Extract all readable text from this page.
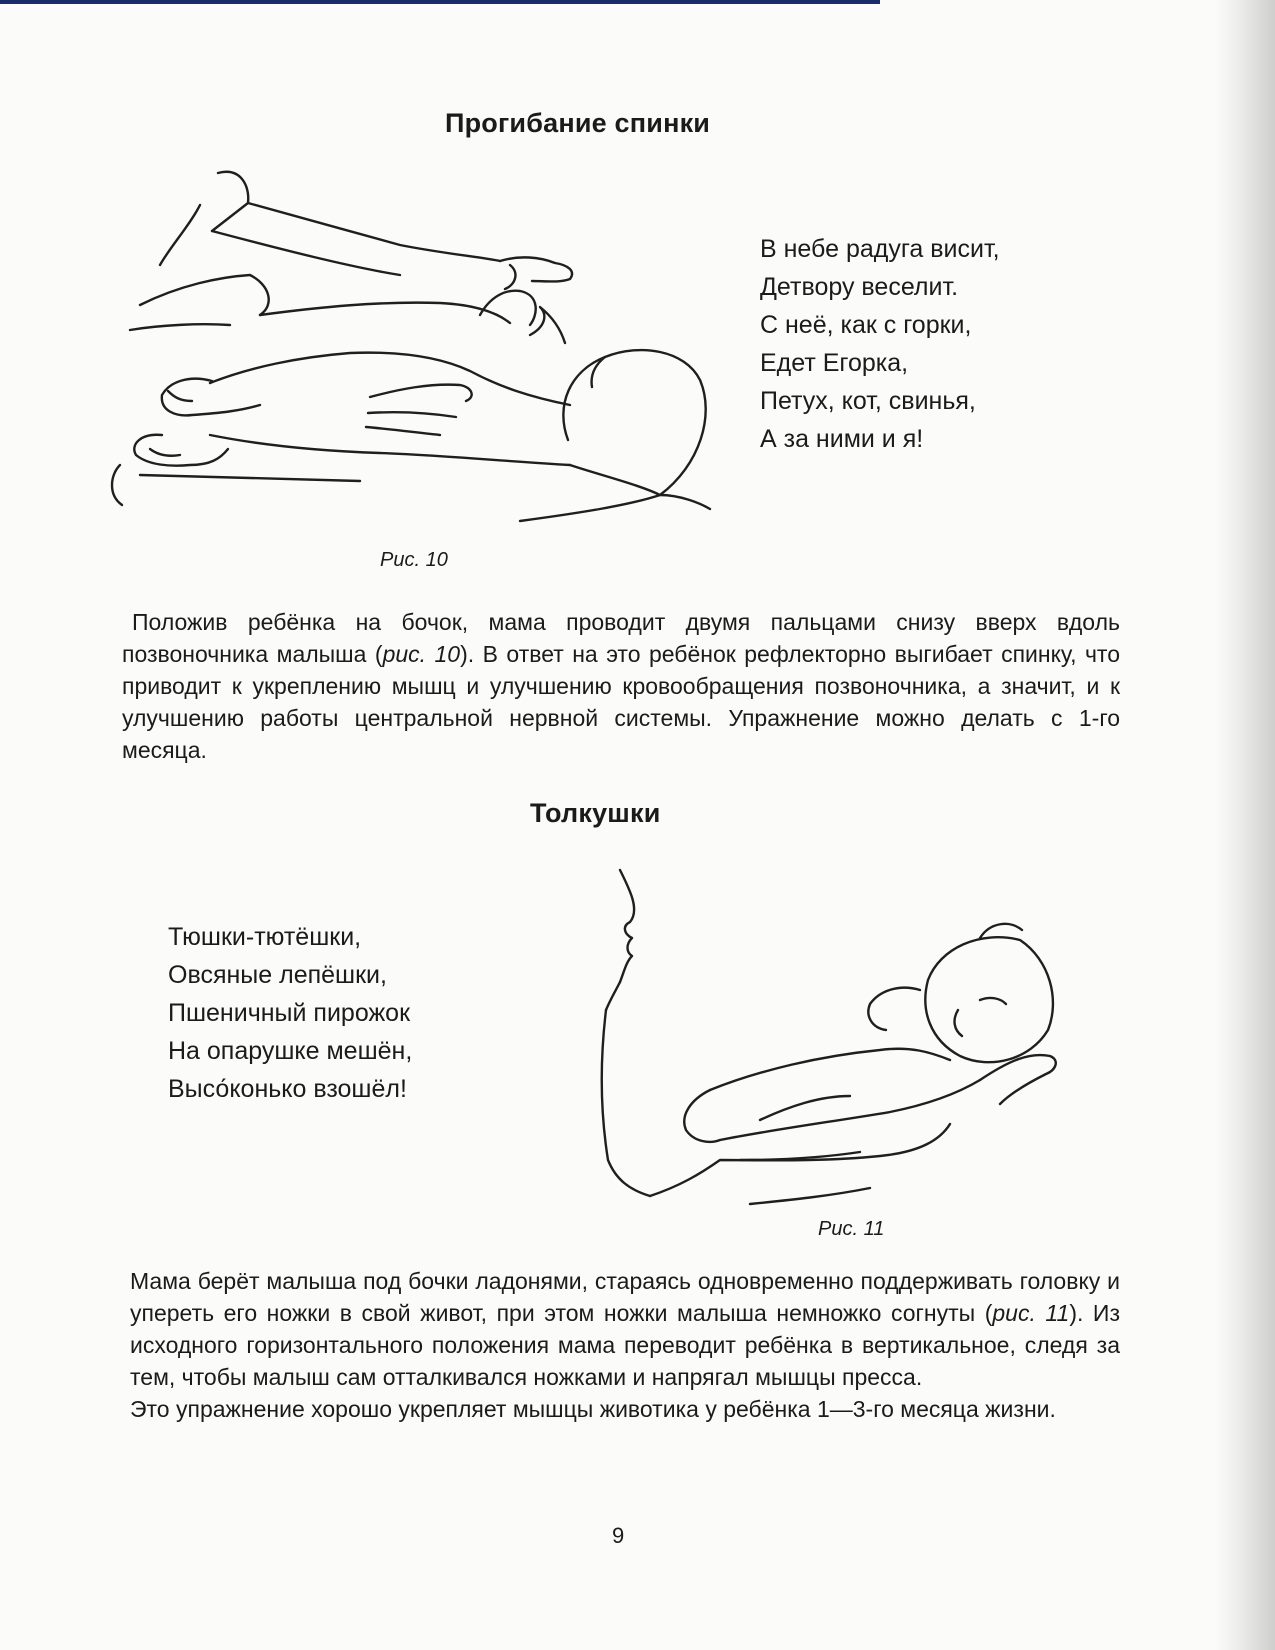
Прогибание спинки
В небе радуга висит,
Детвору веселит.
С неё, как с горки,
Едет Егорка,
Петух, кот, свинья,
А за ними и я!

Рис. 10

Положив ребёнка на бочок, мама проводит двумя пальцами снизу вверх вдоль позвоночника малыша (рис. 10). В ответ на это ребёнок рефлекторно выгибает спинку, что приводит к укреплению мышц и улучшению кровообращения позвоночника, а значит, и к улучшению работы центральной нервной системы. Упражнение можно делать с 1-го месяца.

Толкушки
Тюшки-тютёшки,
Овсяные лепёшки,
Пшеничный пирожок
На опарушке мешён,
Высо́конько взошёл!

Рис. 11

Мама берёт малыша под бочки ладонями, стараясь одновременно поддерживать головку и упереть его ножки в свой живот, при этом ножки малыша немножко согнуты (рис. 11). Из исходного горизонтального положения мама переводит ребёнка в вертикальное, следя за тем, чтобы малыш сам отталкивался ножками и напрягал мышцы пресса.

Это упражнение хорошо укрепляет мышцы животика у ребёнка 1—3-го месяца жизни.

9
